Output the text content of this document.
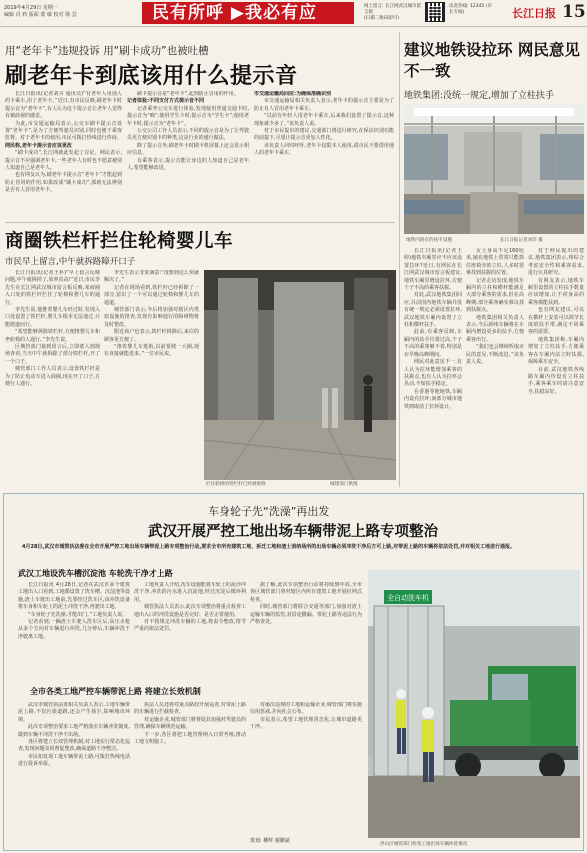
2019年4月29日 星期一
编辑 肖 莉 版面 蒙 敏 校对 徐 芸	民有所呼 ▶我必有应	网上留言: 长江网武汉城市留言板
(扫描二维码即可)
读者热线: 12345 (市长专线)	长江日报 15
用“老年卡”违规投诉 用“刷卡成功”也被吐槽
刷老年卡到底该用什么提示音

长江日报讯(记者刘卉 通讯员)“有老年人用别人的卡乘车,用了老年卡。”近日,有市民反映,刷老年卡时提示音为“老年卡”,有人认为这个提示音让老年人觉得有被歧视的感觉。

为此,市交通运输局表示,公交车刷卡提示音设置“老年卡”,是为了方便驾驶员识别,同时也便于乘客监督。对于老年卡的使用,市民可拨打热线进行咨询。

网民称,老年卡提示音应该更改

“刷卡成功”,长江网就此发起了讨论。网民表示,提示音不应强调老年卡,一些老年人有时也不愿意被别人知道自己是老年人。

也有网友认为,刷老年卡提示音“老年卡”才能起到防止冒用的作用,如果改成“刷卡成功”,那就无法辨别是否有人冒用老年卡。

刷卡提示音是“老年卡”,起到防止冒用的作用。

记者体验:不同支付方式提示音不同

记者乘坐公交车进行体验,发现使用普通交通卡时,提示音为“嘀”;使用学生卡时,提示音为“学生卡”;使用老年卡时,提示音为“老年卡”。

公交公司工作人员表示,不同的提示音是为了让驾驶员更方便识别卡的种类,这是行业的通行做法。

除了提示音外,刷老年卡时刷卡机屏幕上还会显示相应信息。

有乘客表示,提示音能让身边的人知道自己是老年人,希望能够改进。

市交通运输局回应:为确保准确识别

市交通运输局相关负责人表示,老年卡的提示音主要是为了防止有人冒用老年卡乘车。

“以前有年轻人用老年卡乘车,后来我们设置了提示音,这种现象就少多了。”该负责人说。

对于市民提出的建议,交通部门将进行研究,在保证识别功能的前提下,尽量让提示音更加人性化。

该负责人同时呼吁,老年卡仅限本人使用,请市民不要借用他人的老年卡乘车。

建议地铁设拉环 网民意见不一致
地铁集团:没统一规定,增加了立柱扶手
地铁内现有的扶手设施	长江日报记者刘洋 摄

长江日报讯(记者王婷)地铁车厢里应不应该设置拉环?近日,有网民在长江网武汉城市留言板建议,地铁车厢里增设拉环,方便个子不高的乘客扶握。

对此,武汉地铁集团回应,目前国内地铁车辆并没有统一规定必须设置拉环,武汉地铁车厢内设置了立柱和横杆扶手。

此前,有乘客反映,车厢内的扶手位置过高,个子不高的乘客够不着,特别是在早晚高峰期间。

网民对此意见不一,有人认为拉环能增加乘客的扶握点,也有人认为拉环会晃动,不如扶手稳定。

在香港等地地铁,车厢内设有拉环;而部分城市地铁则取消了拉环设计。

女士身高不足160厘米,她在地铁上常常只能抓住座椅旁的立柱,人多时很难找到扶握的位置。

记者走访发现,地铁车厢内的立柱和横杆能满足大部分乘客的需求,但在高峰期,部分乘客确实难以找到扶握点。

地铁集团相关负责人表示,今后新线车辆将在车厢内增设更多的扶手,方便乘客出行。

“我们也会继续听取市民的意见,不断改进。”该负责人说。

对于网民提出的建议,地铁集团表示,将综合考虑安全性和乘客需求,进行认真研究。

有网友表示,地铁车厢里设置的立柱扶手数量应该增加,让不同身高的乘客都能扶到。

也有网友建议,可以在横杆上安装可以调节长度的扶手带,满足不同乘客的需要。

地铁集团称,车厢内增加了立柱扶手,方便乘客在车厢内站立时扶握,保障乘车安全。

目前,武汉地铁各线路车厢内均设有立柱扶手,乘客乘车时请注意安全,扶稳站好。

商圈铁栏杆拦住轮椅婴儿车
市民早上留言,中午就拆路障开口子

长江日报讯(记者王朴)“早上留言反映问题,中午就拆掉了,效率真高!”近日,市民李先生在长江网武汉城市留言板反映,某商圈入口处的铁栏杆拦住了轮椅和婴儿车的通行。

李先生说,他推着婴儿车经过时,发现入口处设置了铁栏杆,婴儿车根本无法通过,只能绕道而行。

“希望能够拆除铁栏杆,方便推婴儿车和坐轮椅的人通行。”李先生说。

区城管部门接到留言后,立即派人到现场查看,当天中午就拆除了部分铁栏杆,开了一个口子。

城管部门工作人员表示,设置铁栏杆是为了防止电动车进入商圈,现在开了口子,方便行人通行。

李先生表示非常满意:“没想到这么快就解决了。”

记者在现场看到,铁栏杆已经拆除了一部分,留出了一个可以通过轮椅和婴儿车的通道。

城管部门表示,今后将加强对辖区内类似设施的排查,发现有影响通行的障碍物将及时整改。

附近商户也表示,铁栏杆拆除后,来往的顾客更方便了。

“推着婴儿车逛街,以前要绕一大圈,现在直接就能进来。”一位市民说。

拦住轮椅的铁栏杆已经被拆除	城建部门供图
车身轮子先“洗澡”再出发
武汉开展严控工地出场车辆带泥上路专项整治
4月28日,武汉市城管执法委在全市开展严控工地出场车辆带泥上路专项整治行动,要求全市所有建筑工地、拆迁工地和渣土消纳场所的出场车辆必须冲洗干净后方可上路,对带泥上路的车辆将依法处罚,并对相关工地进行通报。
武汉工地设洗车槽沉淀池 车轮洗干净才上路

长江日报讯 4月28日,记者在武汉市多个建筑工地出入口看到,工地都设置了洗车槽、沉淀池等设施,渣土车驶出工地前,先要经过洗车区,由冲洗设备将车身和车轮上的泥土冲洗干净,再驶出工地。

“车身轮子先洗澡,才能出门。”工地负责人说。

记者看到,一辆渣土车驶入洗车区后,高压水枪从多个方向对车辆进行冲洗,几分钟后,车辆冲洗干净驶离工地。

工地负责人介绍,洗车设施能将车轮上的泥沙冲洗干净,冲洗的污水进入沉淀池,经过沉淀后循环利用。

城管执法人员表示,此次专项整治将重点检查工地出入口的冲洗设施是否完好、是否正常使用。

对不按规定冲洗车辆的工地,将责令整改,情节严重的依法处罚。

据了解,此次专项整治行动将持续到年底,全市各区城管部门将对辖区内所有建筑工地开展拉网式检查。

同时,城管部门将联合交通等部门,加强对渣土运输车辆的监管,对沿途撒漏、带泥上路等违法行为严格查处。

全市各类工地严控车辆带泥上路 将建立长效机制

武汉市城管执法委相关负责人表示,工地车辆带泥上路,不仅污染道路,还会产生扬尘,影响城市环境。

此次专项整治要求工地严格落实车辆冲洗制度,做到车辆不冲洗干净不出场。

各区将建立长效管理机制,对工地实行常态化巡查,发现问题及时督促整改,确保道路干净整洁。

市民如发现工地车辆带泥上路,可拨打热线电话进行投诉举报。

执法人员还将对重点路段开展巡查,对带泥上路的车辆进行拦截检查。

对运输企业,城管部门将督促其加强对驾驶员的管理,确保车辆规范运输。

下一步,各区将把工地管理纳入日常考核,推动工地文明施工。

对屡次违规的工地和运输企业,城管部门将实施信用惩戒,并向社会公布。

市民表示,希望工地管理常态化,让城市道路更干净。

全自动洗车机
洪山区城管部门检查工地出场车辆冲洗情况
策划: 柳辉 谢鹏斌
